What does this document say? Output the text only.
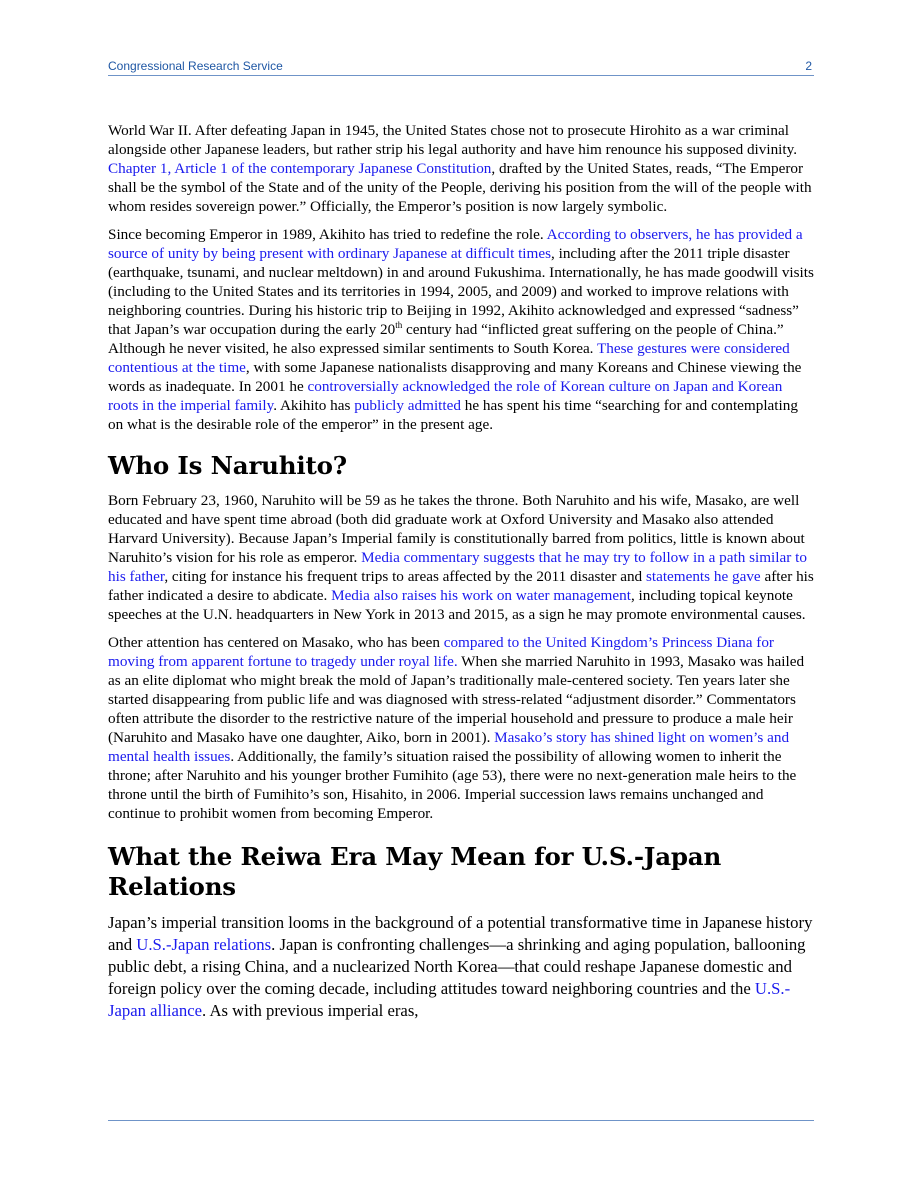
Congressional Research Service	2

World War II. After defeating Japan in 1945, the United States chose not to prosecute Hirohito as a war criminal alongside other Japanese leaders, but rather strip his legal authority and have him renounce his supposed divinity. Chapter 1, Article 1 of the contemporary Japanese Constitution, drafted by the United States, reads, “The Emperor shall be the symbol of the State and of the unity of the People, deriving his position from the will of the people with whom resides sovereign power.” Officially, the Emperor’s position is now largely symbolic.

Since becoming Emperor in 1989, Akihito has tried to redefine the role. According to observers, he has provided a source of unity by being present with ordinary Japanese at difficult times, including after the 2011 triple disaster (earthquake, tsunami, and nuclear meltdown) in and around Fukushima. Internationally, he has made goodwill visits (including to the United States and its territories in 1994, 2005, and 2009) and worked to improve relations with neighboring countries. During his historic trip to Beijing in 1992, Akihito acknowledged and expressed “sadness” that Japan’s war occupation during the early 20th century had “inflicted great suffering on the people of China.” Although he never visited, he also expressed similar sentiments to South Korea. These gestures were considered contentious at the time, with some Japanese nationalists disapproving and many Koreans and Chinese viewing the words as inadequate. In 2001 he controversially acknowledged the role of Korean culture on Japan and Korean roots in the imperial family. Akihito has publicly admitted he has spent his time “searching for and contemplating on what is the desirable role of the emperor” in the present age.

Who Is Naruhito?

Born February 23, 1960, Naruhito will be 59 as he takes the throne. Both Naruhito and his wife, Masako, are well educated and have spent time abroad (both did graduate work at Oxford University and Masako also attended Harvard University). Because Japan’s Imperial family is constitutionally barred from politics, little is known about Naruhito’s vision for his role as emperor. Media commentary suggests that he may try to follow in a path similar to his father, citing for instance his frequent trips to areas affected by the 2011 disaster and statements he gave after his father indicated a desire to abdicate. Media also raises his work on water management, including topical keynote speeches at the U.N. headquarters in New York in 2013 and 2015, as a sign he may promote environmental causes.

Other attention has centered on Masako, who has been compared to the United Kingdom’s Princess Diana for moving from apparent fortune to tragedy under royal life. When she married Naruhito in 1993, Masako was hailed as an elite diplomat who might break the mold of Japan’s traditionally male-centered society. Ten years later she started disappearing from public life and was diagnosed with stress-related “adjustment disorder.” Commentators often attribute the disorder to the restrictive nature of the imperial household and pressure to produce a male heir (Naruhito and Masako have one daughter, Aiko, born in 2001). Masako’s story has shined light on women’s and mental health issues. Additionally, the family’s situation raised the possibility of allowing women to inherit the throne; after Naruhito and his younger brother Fumihito (age 53), there were no next-generation male heirs to the throne until the birth of Fumihito’s son, Hisahito, in 2006. Imperial succession laws remains unchanged and continue to prohibit women from becoming Emperor.

What the Reiwa Era May Mean for U.S.-Japan Relations

Japan’s imperial transition looms in the background of a potential transformative time in Japanese history and U.S.-Japan relations. Japan is confronting challenges—a shrinking and aging population, ballooning public debt, a rising China, and a nuclearized North Korea—that could reshape Japanese domestic and foreign policy over the coming decade, including attitudes toward neighboring countries and the U.S.-Japan alliance. As with previous imperial eras,
